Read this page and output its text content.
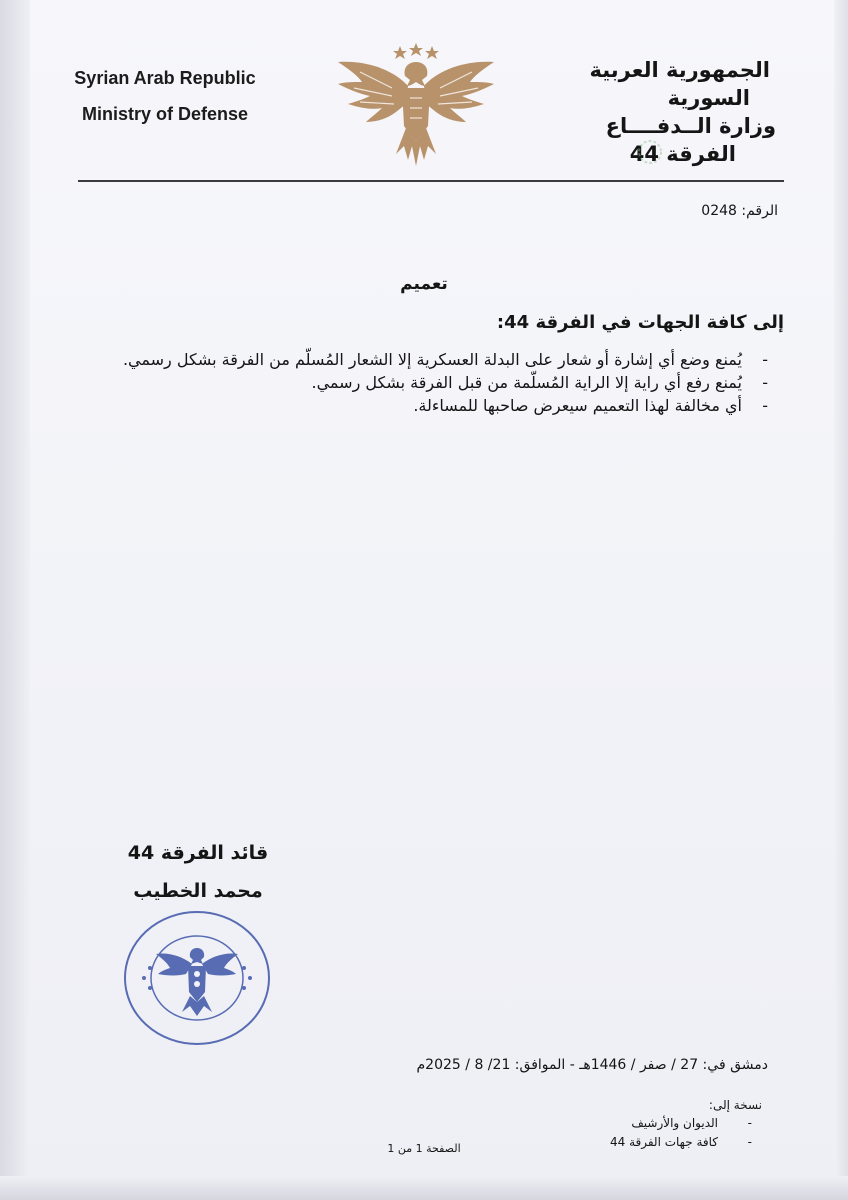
Syrian Arab Republic
Ministry of Defense
الجمهورية العربية
السورية
وزارة الــدفــــاع
الفرقة 44
الرقم: 0248
تعميم
إلى كافة الجهات في الفرقة 44:
-
يُمنع وضع أي إشارة أو شعار على البدلة العسكرية إلا الشعار المُسلّم من الفرقة بشكل رسمي.
-
يُمنع رفع أي راية إلا الراية المُسلّمة من قبل الفرقة بشكل رسمي.
-
أي مخالفة لهذا التعميم سيعرض صاحبها للمساءلة.
قائد الفرقة 44
محمد الخطيب
دمشق في: 27 / صفر / 1446هـ - الموافق: 21/ 8 / 2025م
نسخة إلى:
-
الديوان والأرشيف
-
كافة جهات الفرقة 44
الصفحة 1 من 1
